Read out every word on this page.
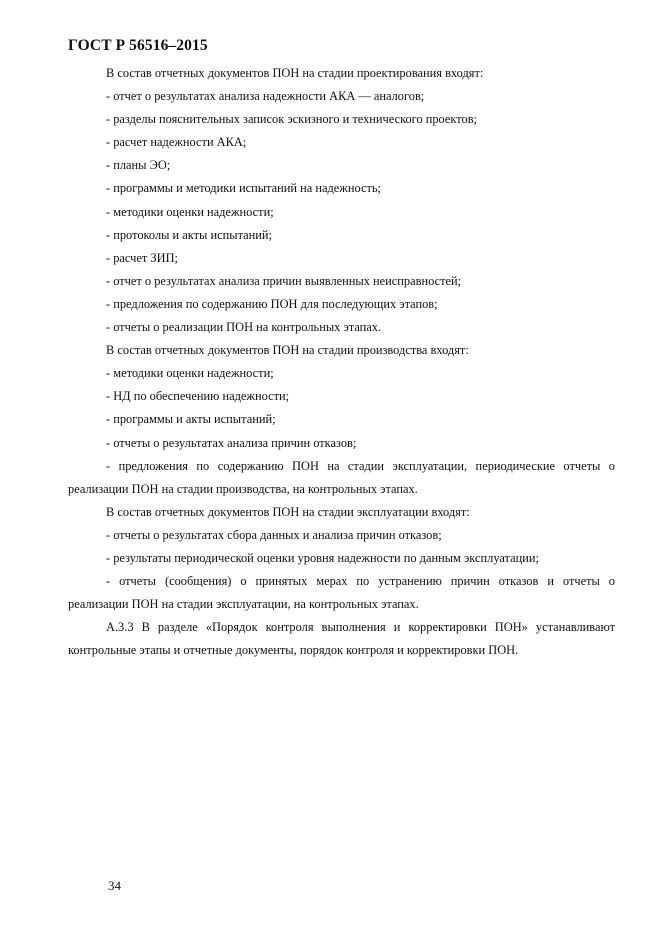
ГОСТ Р 56516–2015
В состав отчетных документов ПОН на стадии проектирования входят:
- отчет о результатах анализа надежности АКА — аналогов;
- разделы пояснительных записок эскизного и технического проектов;
- расчет надежности АКА;
- планы ЭО;
- программы и методики испытаний на надежность;
- методики оценки надежности;
- протоколы и акты испытаний;
- расчет ЗИП;
- отчет о результатах анализа причин выявленных неисправностей;
- предложения по содержанию ПОН для последующих этапов;
- отчеты о реализации ПОН на контрольных этапах.
В состав отчетных документов ПОН на стадии производства входят:
- методики оценки надежности;
- НД по обеспечению надежности;
- программы и акты испытаний;
- отчеты о результатах анализа причин отказов;
- предложения по содержанию ПОН на стадии эксплуатации, периодические отчеты о
реализации ПОН на стадии производства, на контрольных этапах.
В состав отчетных документов ПОН на стадии эксплуатации входят:
- отчеты о результатах сбора данных и анализа причин отказов;
- результаты периодической оценки уровня надежности по данным эксплуатации;
- отчеты (сообщения) о принятых мерах по устранению причин отказов и отчеты о
реализации ПОН на стадии эксплуатации, на контрольных этапах.
А.3.3 В разделе «Порядок контроля выполнения и корректировки ПОН» устанавливают
контрольные этапы и отчетные документы, порядок контроля и корректировки ПОН.
34
